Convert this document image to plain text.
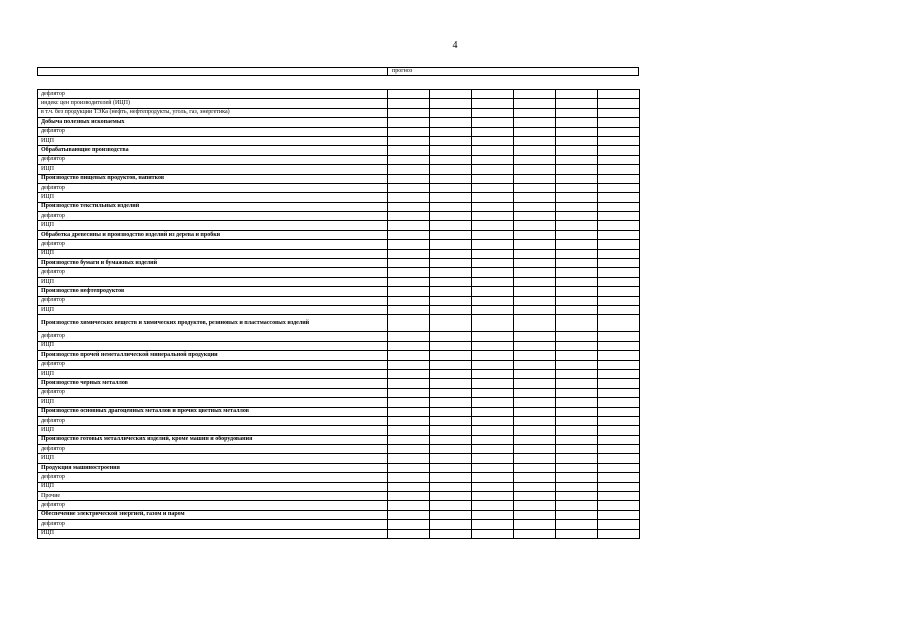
4
прогноз
дефлятор						
индекс цен производителей (ИЦП)						
в т.ч. без продукции ТЭКа (нефть, нефтепродукты, уголь, газ, энергетика)						
Добыча полезных ископаемых						
дефлятор						
ИЦП						
Обрабатывающие производства						
дефлятор						
ИЦП						
Производство пищевых продуктов, напитков						
дефлятор						
ИЦП						
Производство текстильных изделий						
дефлятор						
ИЦП						
Обработка древесины и производство изделий из дерева и пробки						
дефлятор						
ИЦП						
Производство бумаги и бумажных изделий						
дефлятор						
ИЦП						
Производство нефтепродуктов						
дефлятор						
ИЦП						
Производство химических веществ и химических продуктов, резиновых и пластмассовых изделий						
дефлятор						
ИЦП						
Производство прочей неметаллической минеральной продукции						
дефлятор						
ИЦП						
Производство черных металлов						
дефлятор						
ИЦП						
Производство основных драгоценных металлов и прочих цветных металлов						
дефлятор						
ИЦП						
Производство готовых металлических изделий, кроме машин и оборудования						
дефлятор						
ИЦП						
Продукция машиностроения						
дефлятор						
ИЦП						
Прочие						
дефлятор						
Обеспечение электрической энергией, газом и паром						
дефлятор						
ИЦП						
